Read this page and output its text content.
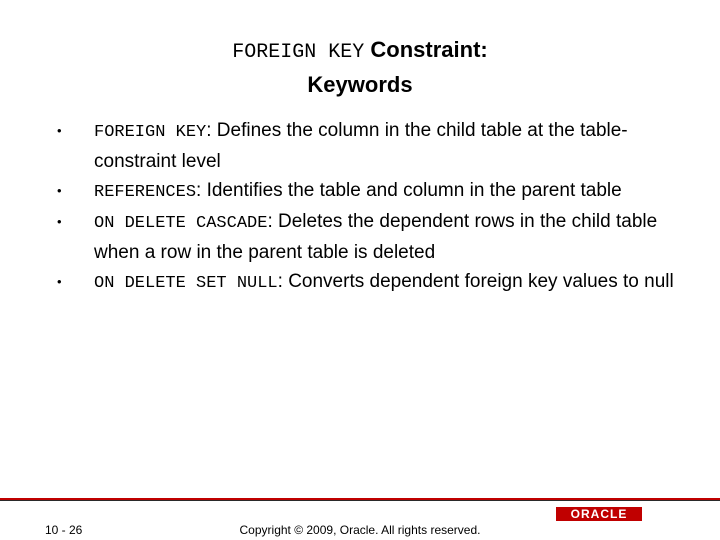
FOREIGN KEY Constraint:
Keywords
• FOREIGN KEY: Defines the column in the child table at the table-constraint level
• REFERENCES: Identifies the table and column in the parent table
• ON DELETE CASCADE: Deletes the dependent rows in the child table when a row in the parent table is deleted
• ON DELETE SET NULL: Converts dependent foreign key values to null
10 - 26	Copyright © 2009, Oracle. All rights reserved.
ORACLE
